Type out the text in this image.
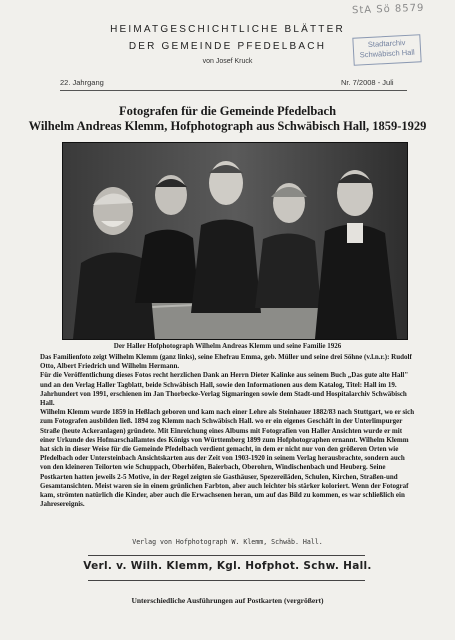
StA Sö 8579
Stadtarchiv
Schwäbisch Hall
HEIMATGESCHICHTLICHE BLÄTTER
DER GEMEINDE PFEDELBACH
von Josef Kruck
22. Jahrgang	Nr. 7/2008 - Juli
Fotografen für die Gemeinde Pfedelbach
Wilhelm Andreas Klemm, Hofphotograph aus Schwäbisch Hall, 1859-1929
Der Haller Hofphotograph Wilhelm Andreas Klemm und seine Familie 1926

Das Familienfoto zeigt Wilhelm Klemm (ganz links), seine Ehefrau Emma, geb. Müller und seine drei Söhne (v.l.n.r.): Rudolf Otto, Albert Friedrich und Wilhelm Hermann.

Für die Veröffentlichung dieses Fotos recht herzlichen Dank an Herrn Dieter Kalinke aus seinem Buch „Das gute alte Hall" und an den Verlag Haller Tagblatt, beide Schwäbisch Hall, sowie den Informationen aus dem Katalog, Titel: Hall im 19. Jahrhundert von 1991, erschienen im Jan Thorbecke-Verlag Sigmaringen sowie dem Stadt-und Hospitalarchiv Schwäbisch Hall.

Wilhelm Klemm wurde 1859 in Heßlach geboren und kam nach einer Lehre als Steinhauer 1882/83 nach Stuttgart, wo er sich zum Fotografen ausbilden ließ. 1894 zog Klemm nach Schwäbisch Hall. wo er ein eigenes Geschäft in der Unterlimpurger Straße (heute Ackeranlagen) gründete. Mit Einreichung eines Albums mit Fotografien von Haller Ansichten wurde er mit einer Urkunde des Hofmarschallamtes des Königs von Württemberg 1899 zum Hofphotographen ernannt. Wilhelm Klemm hat sich in dieser Weise für die Gemeinde Pfedelbach verdient gemacht, in dem er nicht nur von den größeren Orten wie Pfedelbach oder Untersteinbach Ansichtskarten aus der Zeit von 1903-1920 in seinem Verlag herausbrachte, sondern auch von den kleineren Teilorten wie Schuppach, Oberhöfen, Baierbach, Oberohrn, Windischenbach und Heuberg. Seine Postkarten hatten jeweils 2-5 Motive, in der Regel zeigten sie Gasthäuser, Spezereiläden, Schulen, Kirchen, Straßen-und Gesamtansichten. Meist waren sie in einem grünlichen Farbton, aber auch leichter bis stärker koloriert. Wenn der Fotograf kam, strömten natürlich die Kinder, aber auch die Erwachsenen heran, um auf das Bild zu kommen, es war schließlich ein Jahresereignis.

Verlag von Hofphotograph W. Klemm, Schwäb. Hall.
Verl. v. Wilh. Klemm, Kgl. Hofphot. Schw. Hall.
Unterschiedliche Ausführungen auf Postkarten (vergrößert)
